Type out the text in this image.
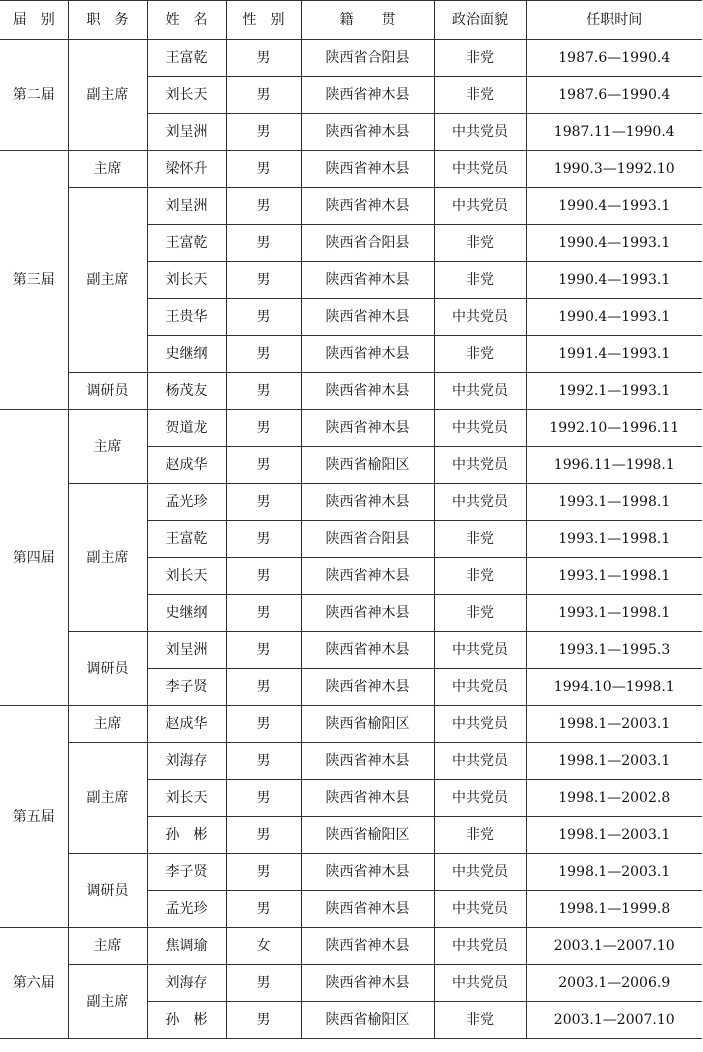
届　别	职　务	姓　名	性　别	籍　　贯	政治面貌	任职时间
第二届	副主席	王富乾	男	陕西省合阳县	非党	1987.6—1990.4
		刘长天	男	陕西省神木县	非党	1987.6—1990.4
		刘呈洲	男	陕西省神木县	中共党员	1987.11—1990.4
第三届	主席	梁怀升	男	陕西省神木县	中共党员	1990.3—1992.10
	副主席	刘呈洲	男	陕西省神木县	中共党员	1990.4—1993.1
		王富乾	男	陕西省合阳县	非党	1990.4—1993.1
		刘长天	男	陕西省神木县	非党	1990.4—1993.1
		王贵华	男	陕西省神木县	中共党员	1990.4—1993.1
		史继纲	男	陕西省神木县	非党	1991.4—1993.1
	调研员	杨茂友	男	陕西省神木县	中共党员	1992.1—1993.1
第四届	主席	贺道龙	男	陕西省神木县	中共党员	1992.10—1996.11
		赵成华	男	陕西省榆阳区	中共党员	1996.11—1998.1
	副主席	孟光珍	男	陕西省神木县	中共党员	1993.1—1998.1
		王富乾	男	陕西省合阳县	非党	1993.1—1998.1
		刘长天	男	陕西省神木县	非党	1993.1—1998.1
		史继纲	男	陕西省神木县	非党	1993.1—1998.1
	调研员	刘呈洲	男	陕西省神木县	中共党员	1993.1—1995.3
		李子贤	男	陕西省神木县	中共党员	1994.10—1998.1
第五届	主席	赵成华	男	陕西省榆阳区	中共党员	1998.1—2003.1
	副主席	刘海存	男	陕西省神木县	中共党员	1998.1—2003.1
		刘长天	男	陕西省神木县	中共党员	1998.1—2002.8
		孙　彬	男	陕西省榆阳区	非党	1998.1—2003.1
	调研员	李子贤	男	陕西省神木县	中共党员	1998.1—2003.1
		孟光珍	男	陕西省神木县	中共党员	1998.1—1999.8
第六届	主席	焦调瑜	女	陕西省神木县	中共党员	2003.1—2007.10
	副主席	刘海存	男	陕西省神木县	中共党员	2003.1—2006.9
		孙　彬	男	陕西省榆阳区	非党	2003.1—2007.10
